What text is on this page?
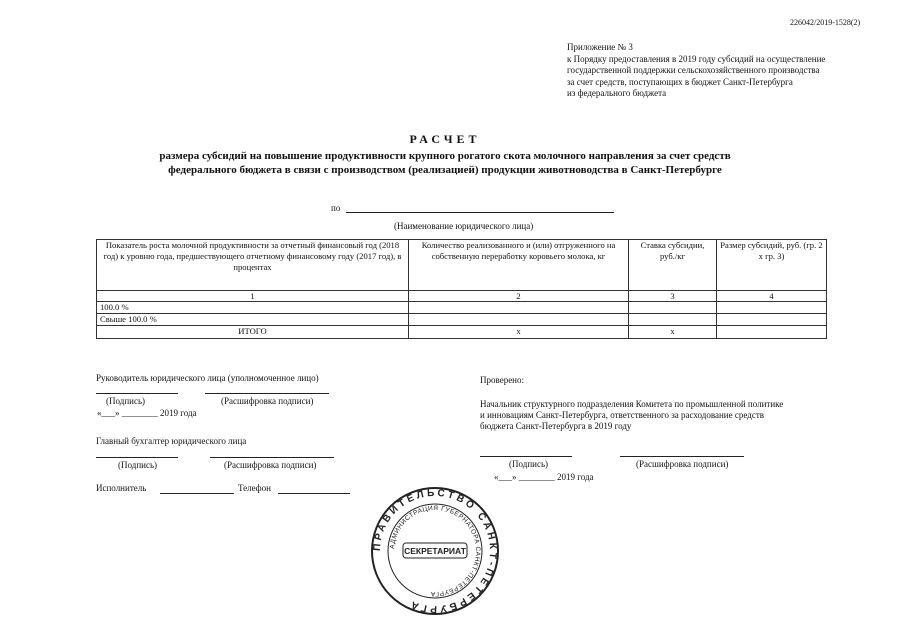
226042/2019-1528(2)
Приложение № 3
к Порядку предоставления в 2019 году субсидий на осуществление
государственной поддержки сельскохозяйственного производства
за счет средств, поступающих в бюджет Санкт-Петербурга
из федерального бюджета
РАСЧЕТ
размера субсидий на повышение продуктивности крупного рогатого скота молочного направления за счет средств
федерального бюджета в связи с производством (реализацией) продукции животноводства в Санкт-Петербурге
по
(Наименование юридического лица)
Показатель роста молочной продуктивности за отчетный финансовый год (2018 год) к уровню года, предшествующего отчетному финансовому году (2017 год), в процентах	Количество реализованного и (или) отгруженного на собственную переработку коровьего молока, кг	Ставка субсидии, руб./кг	Размер субсидий, руб. (гр. 2 х гр. 3)
1	2	3	4
100.0 %			
Свыше 100.0 %			
ИТОГО	х	х	
Руководитель юридического лица (уполномоченное лицо)
(Подпись)	(Расшифровка подписи)
«___» ________ 2019 года
Главный бухгалтер юридического лица
(Подпись)	(Расшифровка подписи)
Исполнитель	Телефон
Проверено:
Начальник структурного подразделения Комитета по промышленной политике
и инновациям Санкт-Петербурга, ответственного за расходование средств
бюджета Санкт-Петербурга в 2019 году
(Подпись)	(Расшифровка подписи)
«___» ________ 2019 года
ПРАВИТЕЛЬСТВО САНКТ-ПЕТЕРБУРГА
АДМИНИСТРАЦИЯ ГУБЕРНАТОРА САНКТ-ПЕТЕРБУРГА
СЕКРЕТАРИАТ
